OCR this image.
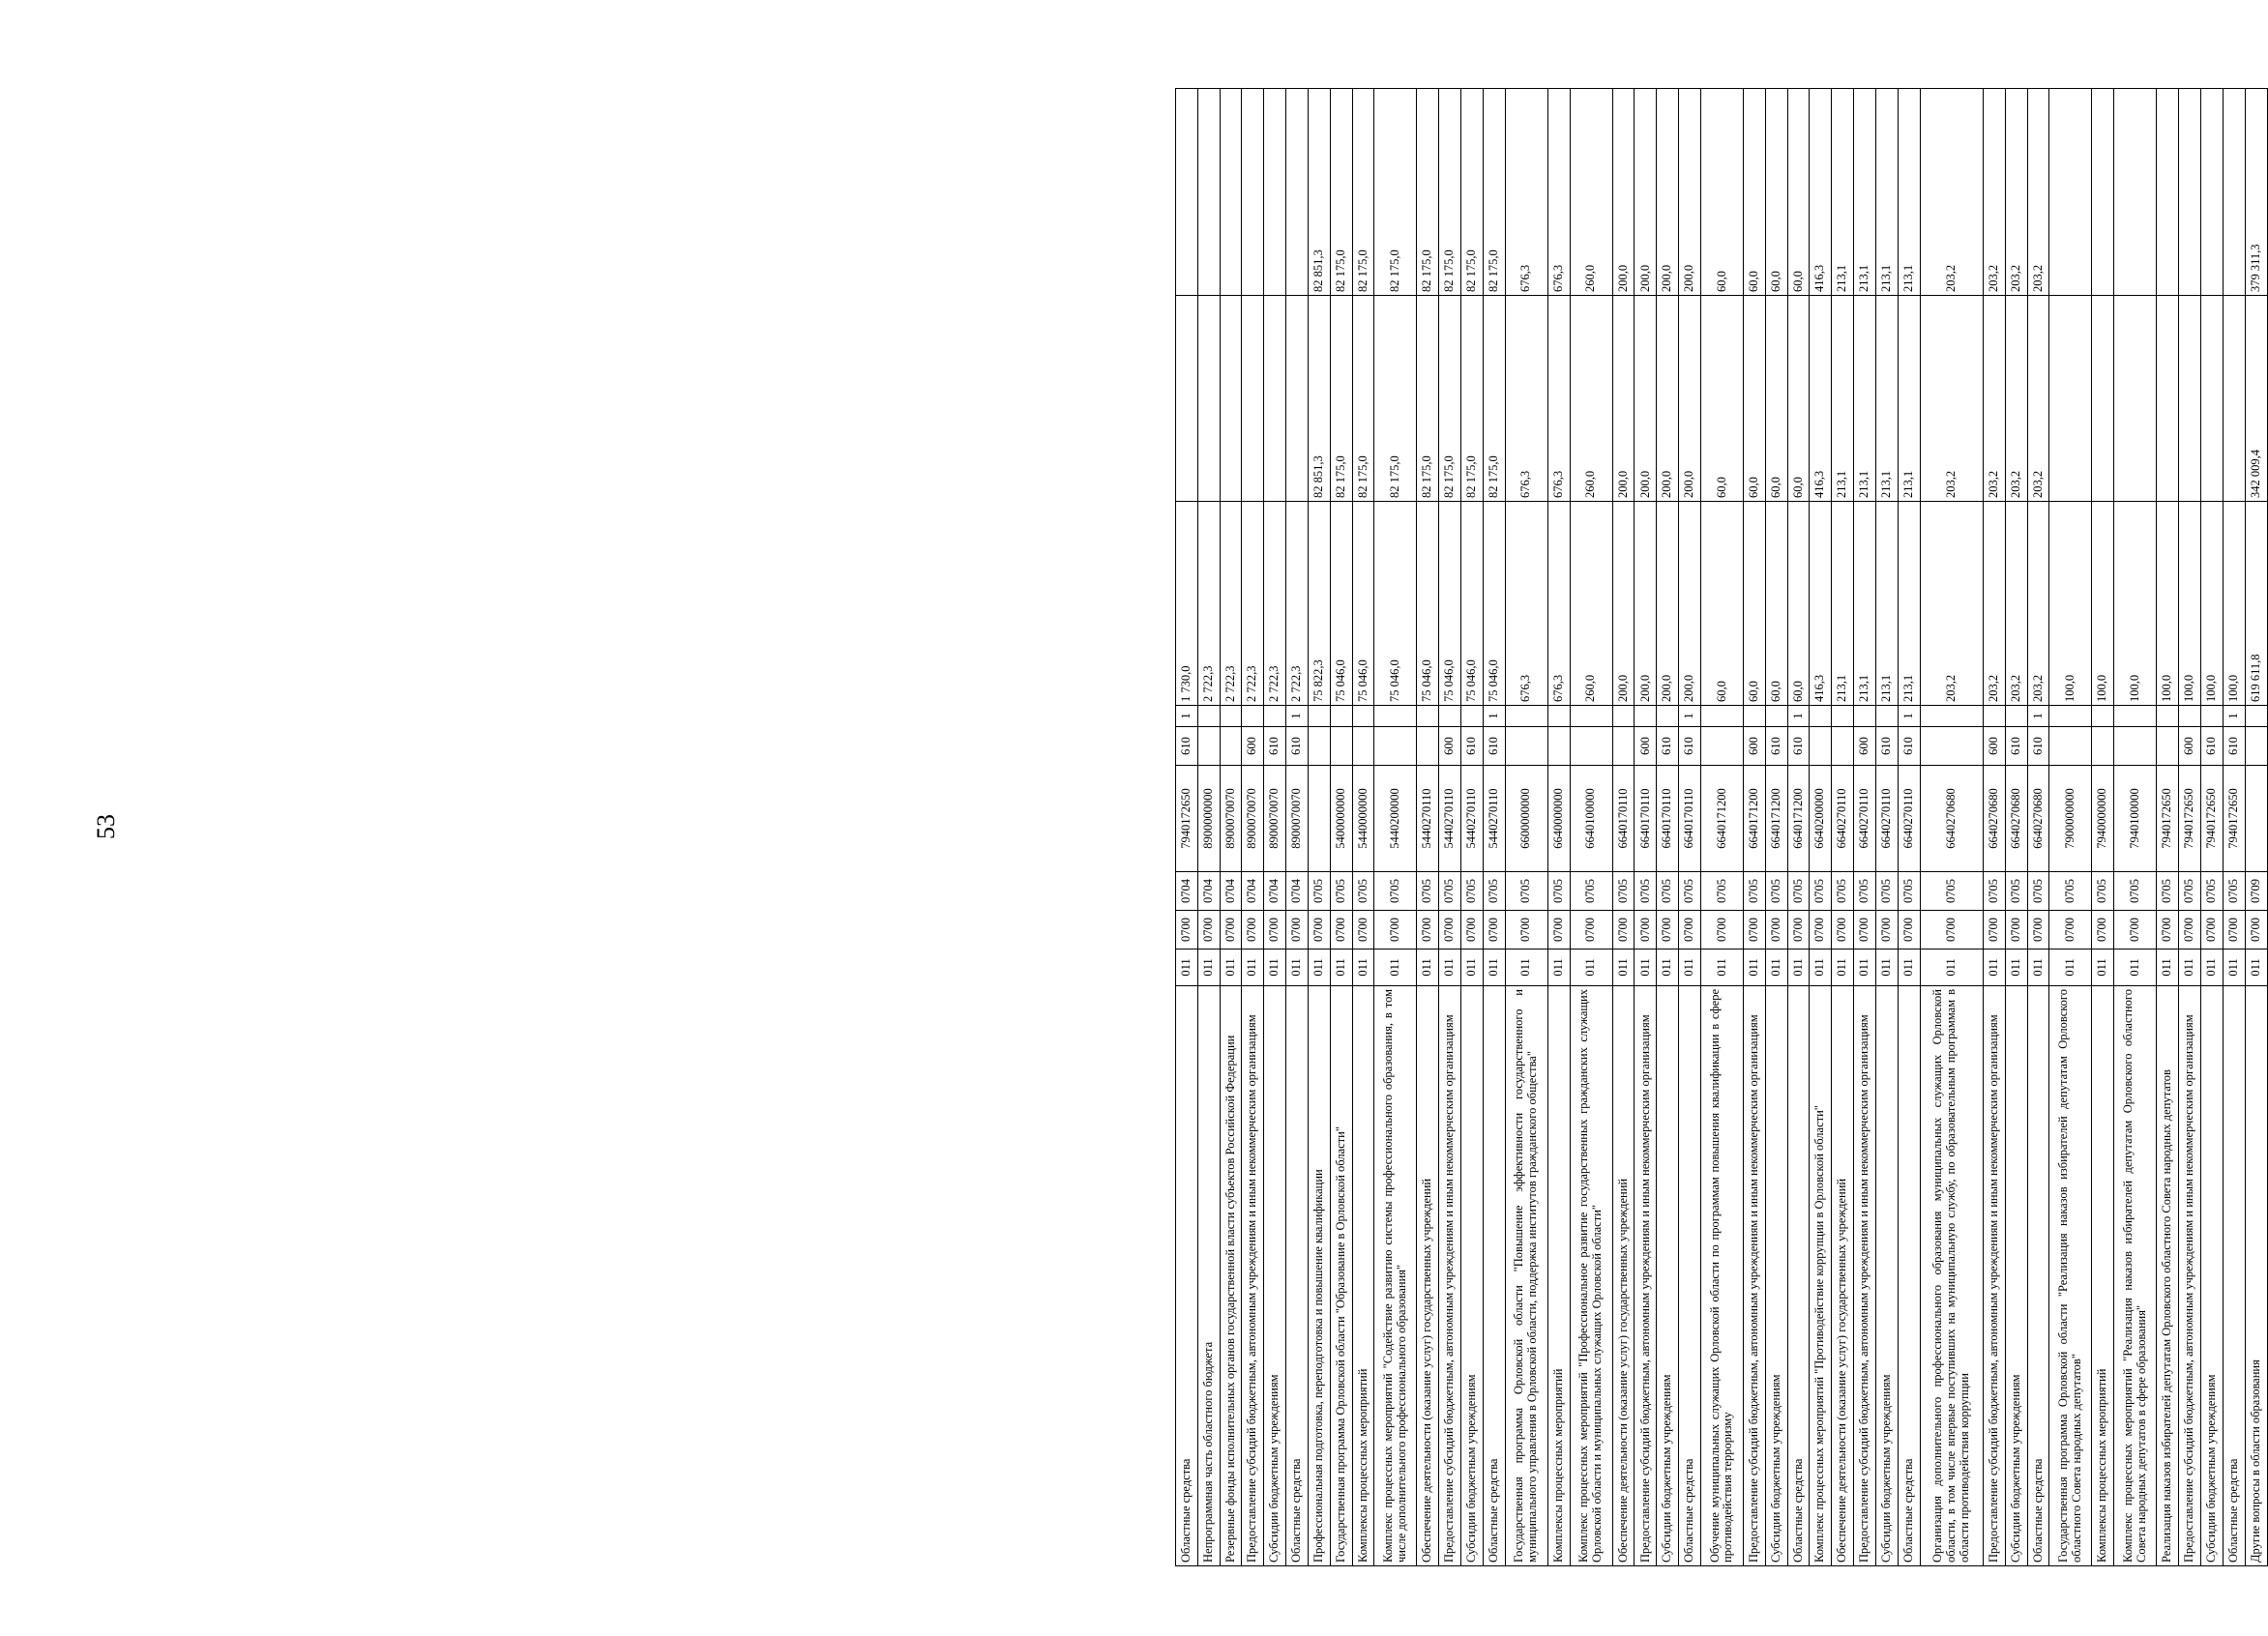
53
Областные средства	011	0700	0704	7940172650	610	1	1 730,0		
Непрограммная часть областного бюджета	011	0700	0704	8900000000			2 722,3		
Резервные фонды исполнительных органов государственной власти субъектов Российской Федерации	011	0700	0704	8900070070			2 722,3		
Предоставление субсидий бюджетным, автономным учреждениям и иным некоммерческим организациям	011	0700	0704	8900070070	600		2 722,3		
Субсидии бюджетным учреждениям	011	0700	0704	8900070070	610		2 722,3		
Областные средства	011	0700	0704	8900070070	610	1	2 722,3		
Профессиональная подготовка, переподготовка и повышение квалификации	011	0700	0705				75 822,3	82 851,3	82 851,3
Государственная программа Орловской области "Образование в Орловской области"	011	0700	0705	5400000000			75 046,0	82 175,0	82 175,0
Комплексы процессных мероприятий	011	0700	0705	5440000000			75 046,0	82 175,0	82 175,0
Комплекс процессных мероприятий "Содействие развитию системы профессионального образования, в том числе дополнительного профессионального образования"	011	0700	0705	5440200000			75 046,0	82 175,0	82 175,0
Обеспечение деятельности (оказание услуг) государственных учреждений	011	0700	0705	5440270110			75 046,0	82 175,0	82 175,0
Предоставление субсидий бюджетным, автономным учреждениям и иным некоммерческим организациям	011	0700	0705	5440270110	600		75 046,0	82 175,0	82 175,0
Субсидии бюджетным учреждениям	011	0700	0705	5440270110	610		75 046,0	82 175,0	82 175,0
Областные средства	011	0700	0705	5440270110	610	1	75 046,0	82 175,0	82 175,0
Государственная программа Орловской области "Повышение эффективности государственного и муниципального управления в Орловской области, поддержка институтов гражданского общества"	011	0700	0705	6600000000			676,3	676,3	676,3
Комплексы процессных мероприятий	011	0700	0705	6640000000			676,3	676,3	676,3
Комплекс процессных мероприятий "Профессиональное развитие государственных гражданских служащих Орловской области и муниципальных служащих Орловской области"	011	0700	0705	6640100000			260,0	260,0	260,0
Обеспечение деятельности (оказание услуг) государственных учреждений	011	0700	0705	6640170110			200,0	200,0	200,0
Предоставление субсидий бюджетным, автономным учреждениям и иным некоммерческим организациям	011	0700	0705	6640170110	600		200,0	200,0	200,0
Субсидии бюджетным учреждениям	011	0700	0705	6640170110	610		200,0	200,0	200,0
Областные средства	011	0700	0705	6640170110	610	1	200,0	200,0	200,0
Обучение муниципальных служащих Орловской области по программам повышения квалификации в сфере противодействия терроризму	011	0700	0705	6640171200			60,0	60,0	60,0
Предоставление субсидий бюджетным, автономным учреждениям и иным некоммерческим организациям	011	0700	0705	6640171200	600		60,0	60,0	60,0
Субсидии бюджетным учреждениям	011	0700	0705	6640171200	610		60,0	60,0	60,0
Областные средства	011	0700	0705	6640171200	610	1	60,0	60,0	60,0
Комплекс процессных мероприятий "Противодействие коррупции в Орловской области"	011	0700	0705	6640200000			416,3	416,3	416,3
Обеспечение деятельности (оказание услуг) государственных учреждений	011	0700	0705	6640270110			213,1	213,1	213,1
Предоставление субсидий бюджетным, автономным учреждениям и иным некоммерческим организациям	011	0700	0705	6640270110	600		213,1	213,1	213,1
Субсидии бюджетным учреждениям	011	0700	0705	6640270110	610		213,1	213,1	213,1
Областные средства	011	0700	0705	6640270110	610	1	213,1	213,1	213,1
Организация дополнительного профессионального образования муниципальных служащих Орловской области, в том числе впервые поступивших на муниципальную службу, по образовательным программам в области противодействия коррупции	011	0700	0705	6640270680			203,2	203,2	203,2
Предоставление субсидий бюджетным, автономным учреждениям и иным некоммерческим организациям	011	0700	0705	6640270680	600		203,2	203,2	203,2
Субсидии бюджетным учреждениям	011	0700	0705	6640270680	610		203,2	203,2	203,2
Областные средства	011	0700	0705	6640270680	610	1	203,2	203,2	203,2
Государственная программа Орловской области "Реализация наказов избирателей депутатам Орловского областного Совета народных депутатов"	011	0700	0705	7900000000			100,0		
Комплексы процессных мероприятий	011	0700	0705	7940000000			100,0		
Комплекс процессных мероприятий "Реализация наказов избирателей депутатам Орловского областного Совета народных депутатов в сфере образования"	011	0700	0705	7940100000			100,0		
Реализация наказов избирателей депутатам Орловского областного Совета народных депутатов	011	0700	0705	7940172650			100,0		
Предоставление субсидий бюджетным, автономным учреждениям и иным некоммерческим организациям	011	0700	0705	7940172650	600		100,0		
Субсидии бюджетным учреждениям	011	0700	0705	7940172650	610		100,0		
Областные средства	011	0700	0705	7940172650	610	1	100,0		
Другие вопросы в области образования	011	0700	0709				619 611,8	342 009,4	379 311,3
